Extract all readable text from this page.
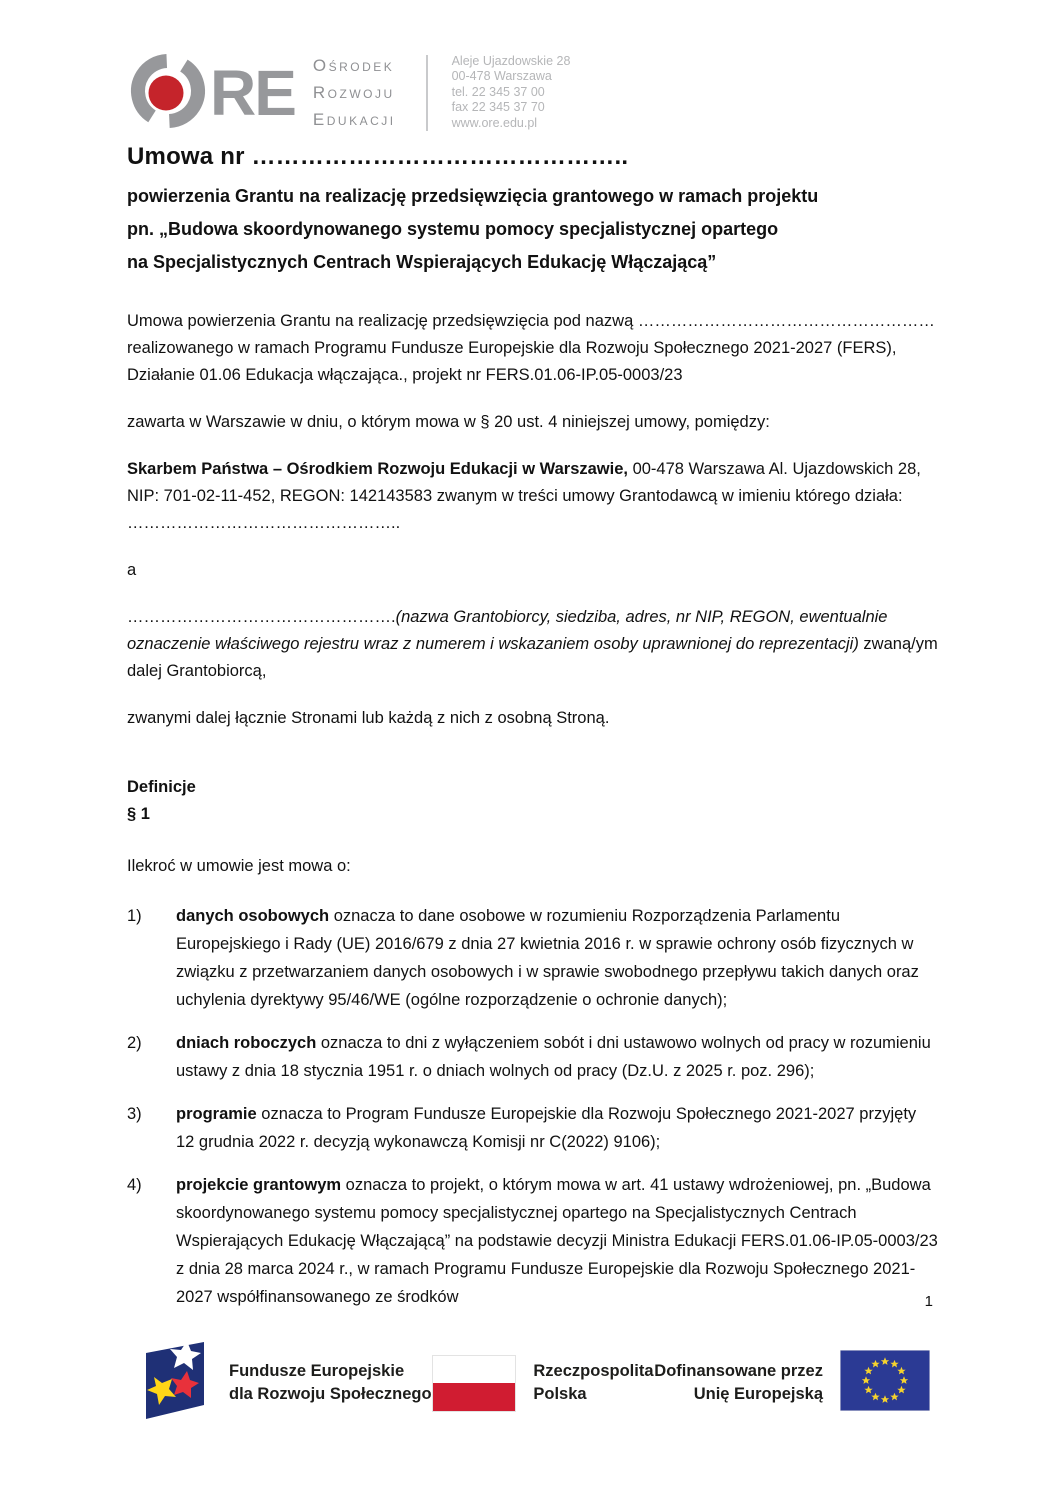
RE Ośrodek
Rozwoju
Edukacji
Aleje Ujazdowskie 28
00-478 Warszawa
tel. 22 345 37 00
fax 22 345 37 70
www.ore.edu.pl
Umowa nr ………………………………………..
powierzenia Grantu na realizację przedsięwzięcia grantowego w ramach projektu
pn. „Budowa skoordynowanego systemu pomocy specjalistycznej opartego
na Specjalistycznych Centrach Wspierających Edukację Włączającą”

Umowa powierzenia Grantu na realizację przedsięwzięcia pod nazwą ……………………………………………… realizowanego w ramach Programu Fundusze Europejskie dla Rozwoju Społecznego 2021-2027 (FERS), Działanie 01.06 Edukacja włączająca., projekt nr FERS.01.06-IP.05-0003/23

zawarta w Warszawie w dniu, o którym mowa w § 20 ust. 4 niniejszej umowy, pomiędzy:

Skarbem Państwa – Ośrodkiem Rozwoju Edukacji w Warszawie, 00-478 Warszawa Al. Ujazdowskich 28, NIP: 701-02-11-452, REGON: 142143583 zwanym w treści umowy Grantodawcą w imieniu którego działa: …………………………………………..

a

………………………………………….(nazwa Grantobiorcy, siedziba, adres, nr NIP, REGON, ewentualnie oznaczenie właściwego rejestru wraz z numerem i wskazaniem osoby uprawnionej do reprezentacji) zwaną/ym dalej Grantobiorcą,

zwanymi dalej łącznie Stronami lub każdą z nich z osobną Stroną.

Definicje
§ 1
Ilekroć w umowie jest mowa o:
1)	danych osobowych oznacza to dane osobowe w rozumieniu Rozporządzenia Parlamentu Europejskiego i Rady (UE) 2016/679 z dnia 27 kwietnia 2016 r. w sprawie ochrony osób fizycznych w związku z przetwarzaniem danych osobowych i w sprawie swobodnego przepływu takich danych oraz uchylenia dyrektywy 95/46/WE (ogólne rozporządzenie o ochronie danych);
2)	dniach roboczych oznacza to dni z wyłączeniem sobót i dni ustawowo wolnych od pracy w rozumieniu ustawy z dnia 18 stycznia 1951 r. o dniach wolnych od pracy (Dz.U. z 2025 r. poz. 296);
3)	programie oznacza to Program Fundusze Europejskie dla Rozwoju Społecznego 2021-2027 przyjęty 12 grudnia 2022 r. decyzją wykonawczą Komisji nr C(2022) 9106);
4)	projekcie grantowym oznacza to projekt, o którym mowa w art. 41 ustawy wdrożeniowej, pn. „Budowa skoordynowanego systemu pomocy specjalistycznej opartego na Specjalistycznych Centrach Wspierających Edukację Włączającą” na podstawie decyzji Ministra Edukacji FERS.01.06-IP.05-0003/23 z dnia 28 marca 2024 r., w ramach Programu Fundusze Europejskie dla Rozwoju Społecznego 2021-2027 współfinansowanego ze środków	1
Fundusze Europejskie
dla Rozwoju Społecznego
Rzeczpospolita
Polska
Dofinansowane przez
Unię Europejską
